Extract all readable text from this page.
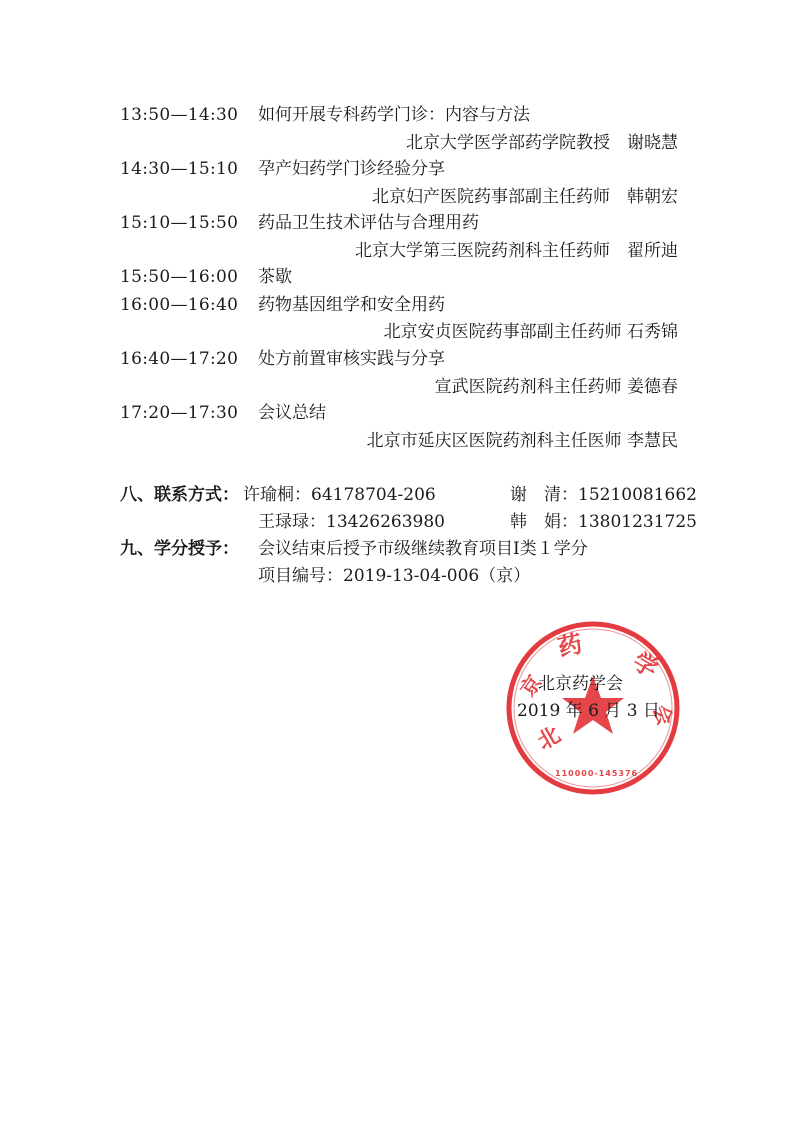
13:50—14:30 如何开展专科药学门诊：内容与方法
北京大学医学部药学院教授　谢晓慧
14:30—15:10 孕产妇药学门诊经验分享
北京妇产医院药事部副主任药师　韩朝宏
15:10—15:50 药品卫生技术评估与合理用药
北京大学第三医院药剂科主任药师　翟所迪
15:50—16:00 茶歇
16:00—16:40 药物基因组学和安全用药
北京安贞医院药事部副主任药师 石秀锦
16:40—17:20 处方前置审核实践与分享
宣武医院药剂科主任药师 姜德春
17:20—17:30 会议总结
北京市延庆区医院药剂科主任医师 李慧民
八、联系方式： 许瑜桐：64178704-206	谢　清：15210081662
王琭琭：13426263980	韩　娟：13801231725
九、学分授予： 会议结束后授予市级继续教育项目Ⅰ类１学分
项目编号：2019-13-04-006（京）
药
学
京
会
北
110000-145376
北京药学会
2019 年 6 月 3 日
